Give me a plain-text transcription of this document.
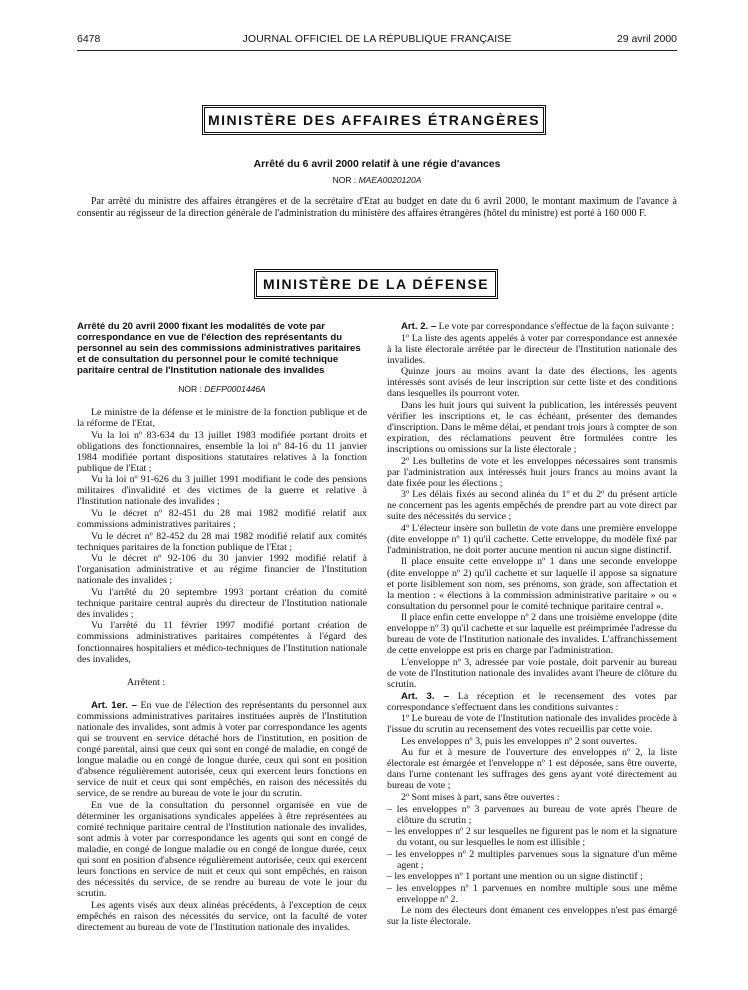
6478	JOURNAL OFFICIEL DE LA RÉPUBLIQUE FRANÇAISE	29 avril 2000
MINISTÈRE DES AFFAIRES ÉTRANGÈRES
Arrêté du 6 avril 2000 relatif à une régie d'avances
NOR : MAEA0020120A
Par arrêté du ministre des affaires étrangères et de la secrétaire d'Etat au budget en date du 6 avril 2000, le montant maximum de l'avance à consentir au régisseur de la direction générale de l'administration du ministère des affaires étrangères (hôtel du ministre) est porté à 160 000 F.
MINISTÈRE DE LA DÉFENSE

Arrêté du 20 avril 2000 fixant les modalités de vote par correspondance en vue de l'élection des représentants du personnel au sein des commissions administratives paritaires et de consultation du personnel pour le comité technique paritaire central de l'Institution nationale des invalides

NOR : DEFP0001446A

Le ministre de la défense et le ministre de la fonction publique et de la réforme de l'Etat,

Vu la loi nº 83-634 du 13 juillet 1983 modifiée portant droits et obligations des fonctionnaires, ensemble la loi nº 84-16 du 11 janvier 1984 modifiée portant dispositions statutaires relatives à la fonction publique de l'Etat ;

Vu la loi nº 91-626 du 3 juillet 1991 modifiant le code des pensions militaires d'invalidité et des victimes de la guerre et relative à l'Institution nationale des invalides ;

Vu le décret nº 82-451 du 28 mai 1982 modifié relatif aux commissions administratives paritaires ;

Vu le décret nº 82-452 du 28 mai 1982 modifié relatif aux comités techniques paritaires de la fonction publique de l'Etat ;

Vu le décret nº 92-106 du 30 janvier 1992 modifié relatif à l'organisation administrative et au régime financier de l'Institution nationale des invalides ;

Vu l'arrêté du 20 septembre 1993 portant création du comité technique paritaire central auprès du directeur de l'Institution nationale des invalides ;

Vu l'arrêté du 11 février 1997 modifié portant création de commissions administratives paritaires compétentes à l'égard des fonctionnaires hospitaliers et médico-techniques de l'Institution nationale des invalides,

Arrêtent :

Art. 1er. – En vue de l'élection des représentants du personnel aux commissions administratives paritaires instituées auprès de l'Institution nationale des invalides, sont admis à voter par correspondance les agents qui se trouvent en service détaché hors de l'institution, en position de congé parental, ainsi que ceux qui sont en congé de maladie, en congé de longue maladie ou en congé de longue durée, ceux qui sont en position d'absence régulièrement autorisée, ceux qui exercent leurs fonctions en service de nuit et ceux qui sont empêchés, en raison des nécessités du service, de se rendre au bureau de vote le jour du scrutin.

En vue de la consultation du personnel organisée en vue de déterminer les organisations syndicales appelées à être représentées au comité technique paritaire central de l'Institution nationale des invalides, sont admis à voter par correspondance les agents qui sont en congé de maladie, en congé de longue maladie ou en congé de longue durée, ceux qui sont en position d'absence régulièrement autorisée, ceux qui exercent leurs fonctions en service de nuit et ceux qui sont empêchés, en raison des nécessités du service, de se rendre au bureau de vote le jour du scrutin.

Les agents visés aux deux alinéas précédents, à l'exception de ceux empêchés en raison des nécessités du service, ont la faculté de voter directement au bureau de vote de l'Institution nationale des invalides.

Art. 2. – Le vote par correspondance s'effectue de la façon suivante :

1º La liste des agents appelés à voter par correspondance est annexée à la liste électorale arrêtée par le directeur de l'Institution nationale des invalides.

Quinze jours au moins avant la date des élections, les agents intéressés sont avisés de leur inscription sur cette liste et des conditions dans lesquelles ils pourront voter.

Dans les huit jours qui suivent la publication, les intéressés peuvent vérifier les inscriptions et, le cas échéant, présenter des demandes d'inscription. Dans le même délai, et pendant trois jours à compter de son expiration, des réclamations peuvent être formulées contre les inscriptions ou omissions sur la liste électorale ;

2º Les bulletins de vote et les enveloppes nécessaires sont transmis par l'administration aux intéressés huit jours francs au moins avant la date fixée pour les élections ;

3º Les délais fixés au second alinéa du 1º et du 2º du présent article ne concernent pas les agents empêchés de prendre part au vote direct par suite des nécessités du service ;

4º L'électeur insère son bulletin de vote dans une première enveloppe (dite enveloppe nº 1) qu'il cachette. Cette enveloppe, du modèle fixé par l'administration, ne doit porter aucune mention ni aucun signe distinctif.

Il place ensuite cette enveloppe nº 1 dans une seconde enveloppe (dite enveloppe nº 2) qu'il cachette et sur laquelle il appose sa signature et porte lisiblement son nom, ses prénoms, son grade, son affectation et la mention : « élections à la commission administrative paritaire » ou « consultation du personnel pour le comité technique paritaire central ».

Il place enfin cette enveloppe nº 2 dans une troisième enveloppe (dite enveloppe nº 3) qu'il cachette et sur laquelle est préimprimée l'adresse du bureau de vote de l'Institution nationale des invalides. L'affranchissement de cette enveloppe est pris en charge par l'administration.

L'enveloppe nº 3, adressée par voie postale, doit parvenir au bureau de vote de l'Institution nationale des invalides avant l'heure de clôture du scrutin.

Art. 3. – La réception et le recensement des votes par correspondance s'effectuent dans les conditions suivantes :

1º Le bureau de vote de l'Institution nationale des invalides procède à l'issue du scrutin au recensement des votes recueillis par cette voie.

Les enveloppes nº 3, puis les enveloppes nº 2 sont ouvertes.

Au fur et à mesure de l'ouverture des enveloppes nº 2, la liste électorale est émargée et l'enveloppe nº 1 est déposée, sans être ouverte, dans l'urne contenant les suffrages des gens ayant voté directement au bureau de vote ;

2º Sont mises à part, sans être ouvertes :

– les enveloppes nº 3 parvenues au bureau de vote après l'heure de clôture du scrutin ;

– les enveloppes nº 2 sur lesquelles ne figurent pas le nom et la signature du votant, ou sur lesquelles le nom est illisible ;

– les enveloppes nº 2 multiples parvenues sous la signature d'un même agent ;

– les enveloppes nº 1 portant une mention ou un signe distinctif ;

– les enveloppes nº 1 parvenues en nombre multiple sous une même enveloppe nº 2.

Le nom des électeurs dont émanent ces enveloppes n'est pas émargé sur la liste électorale.
